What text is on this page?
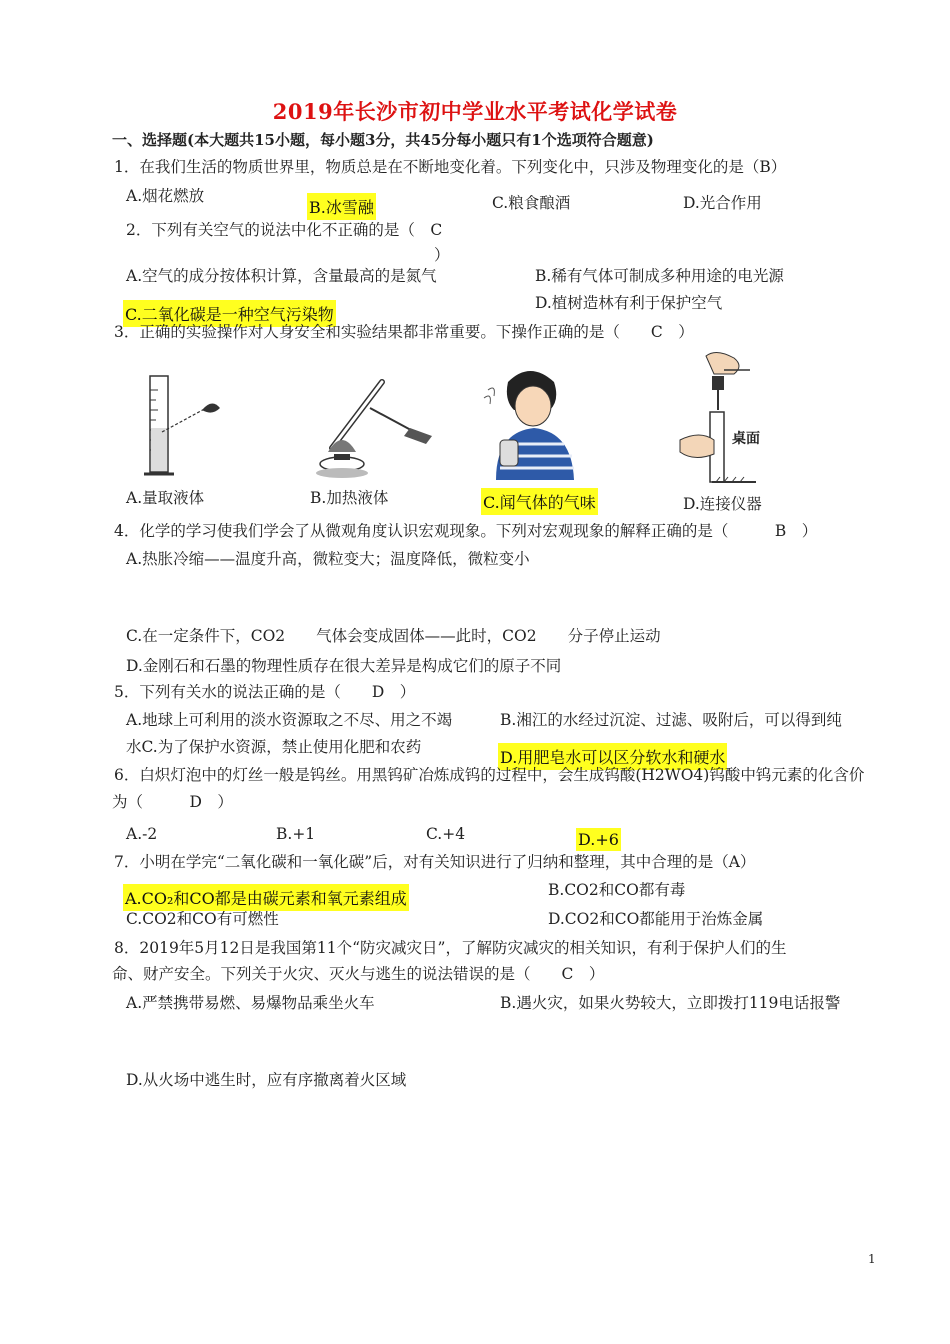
2019年长沙市初中学业水平考试化学试卷
一、选择题(本大题共15小题，每小题3分，共45分每小题只有1个选项符合题意)
1．在我们生活的物质世界里，物质总是在不断地变化着。下列变化中，只涉及物理变化的是（B）
A.烟花燃放
B.冰雪融	C.粮食酿酒	D.光合作用
2．下列有关空气的说法中化不正确的是（　C
）
A.空气的成分按体积计算，含量最高的是氮气	B.稀有气体可制成多种用途的电光源
C.二氧化碳是一种空气污染物
D.植树造林有利于保护空气
3．正确的实验操作对人身安全和实验结果都非常重要。下操作正确的是（　　C　）
桌面
A.量取液体	B.加热液体	C.闻气体的气味	D.连接仪器
4．化学的学习使我们学会了从微观角度认识宏观现象。下列对宏观现象的解释正确的是（　　　B　）
A.热胀冷缩——温度升高，微粒变大；温度降低，微粒变小
C.在一定条件下，CO2　　气体会变成固体——此时，CO2　　分子停止运动
D.金刚石和石墨的物理性质存在很大差异是构成它们的原子不同
5．下列有关水的说法正确的是（　　D　）
A.地球上可利用的淡水资源取之不尽、用之不竭	B.湘江的水经过沉淀、过滤、吸附后，可以得到纯
水C.为了保护水资源，禁止使用化肥和农药
D.用肥皂水可以区分软水和硬水
6．白炽灯泡中的灯丝一般是钨丝。用黑钨矿冶炼成钨的过程中，会生成钨酸(H2WO4)钨酸中钨元素的化含价
为（　　　D　）
A.-2	B.+1	C.+4	D.+6
7．小明在学完“二氧化碳和一氧化碳”后，对有关知识进行了归纳和整理，其中合理的是（A）
A.CO₂和CO都是由碳元素和氧元素组成	B.CO2和CO都有毒
C.CO2和CO有可燃性	D.CO2和CO都能用于治炼金属
8．2019年5月12日是我国第11个“防灾减灾日”，了解防灾减灾的相关知识，有利于保护人们的生
命、财产安全。下列关于火灾、灭火与逃生的说法错误的是（　　C　）
A.严禁携带易燃、易爆物品乘坐火车	B.遇火灾，如果火势较大，立即拨打119电话报警
D.从火场中逃生时，应有序撤离着火区域
1
